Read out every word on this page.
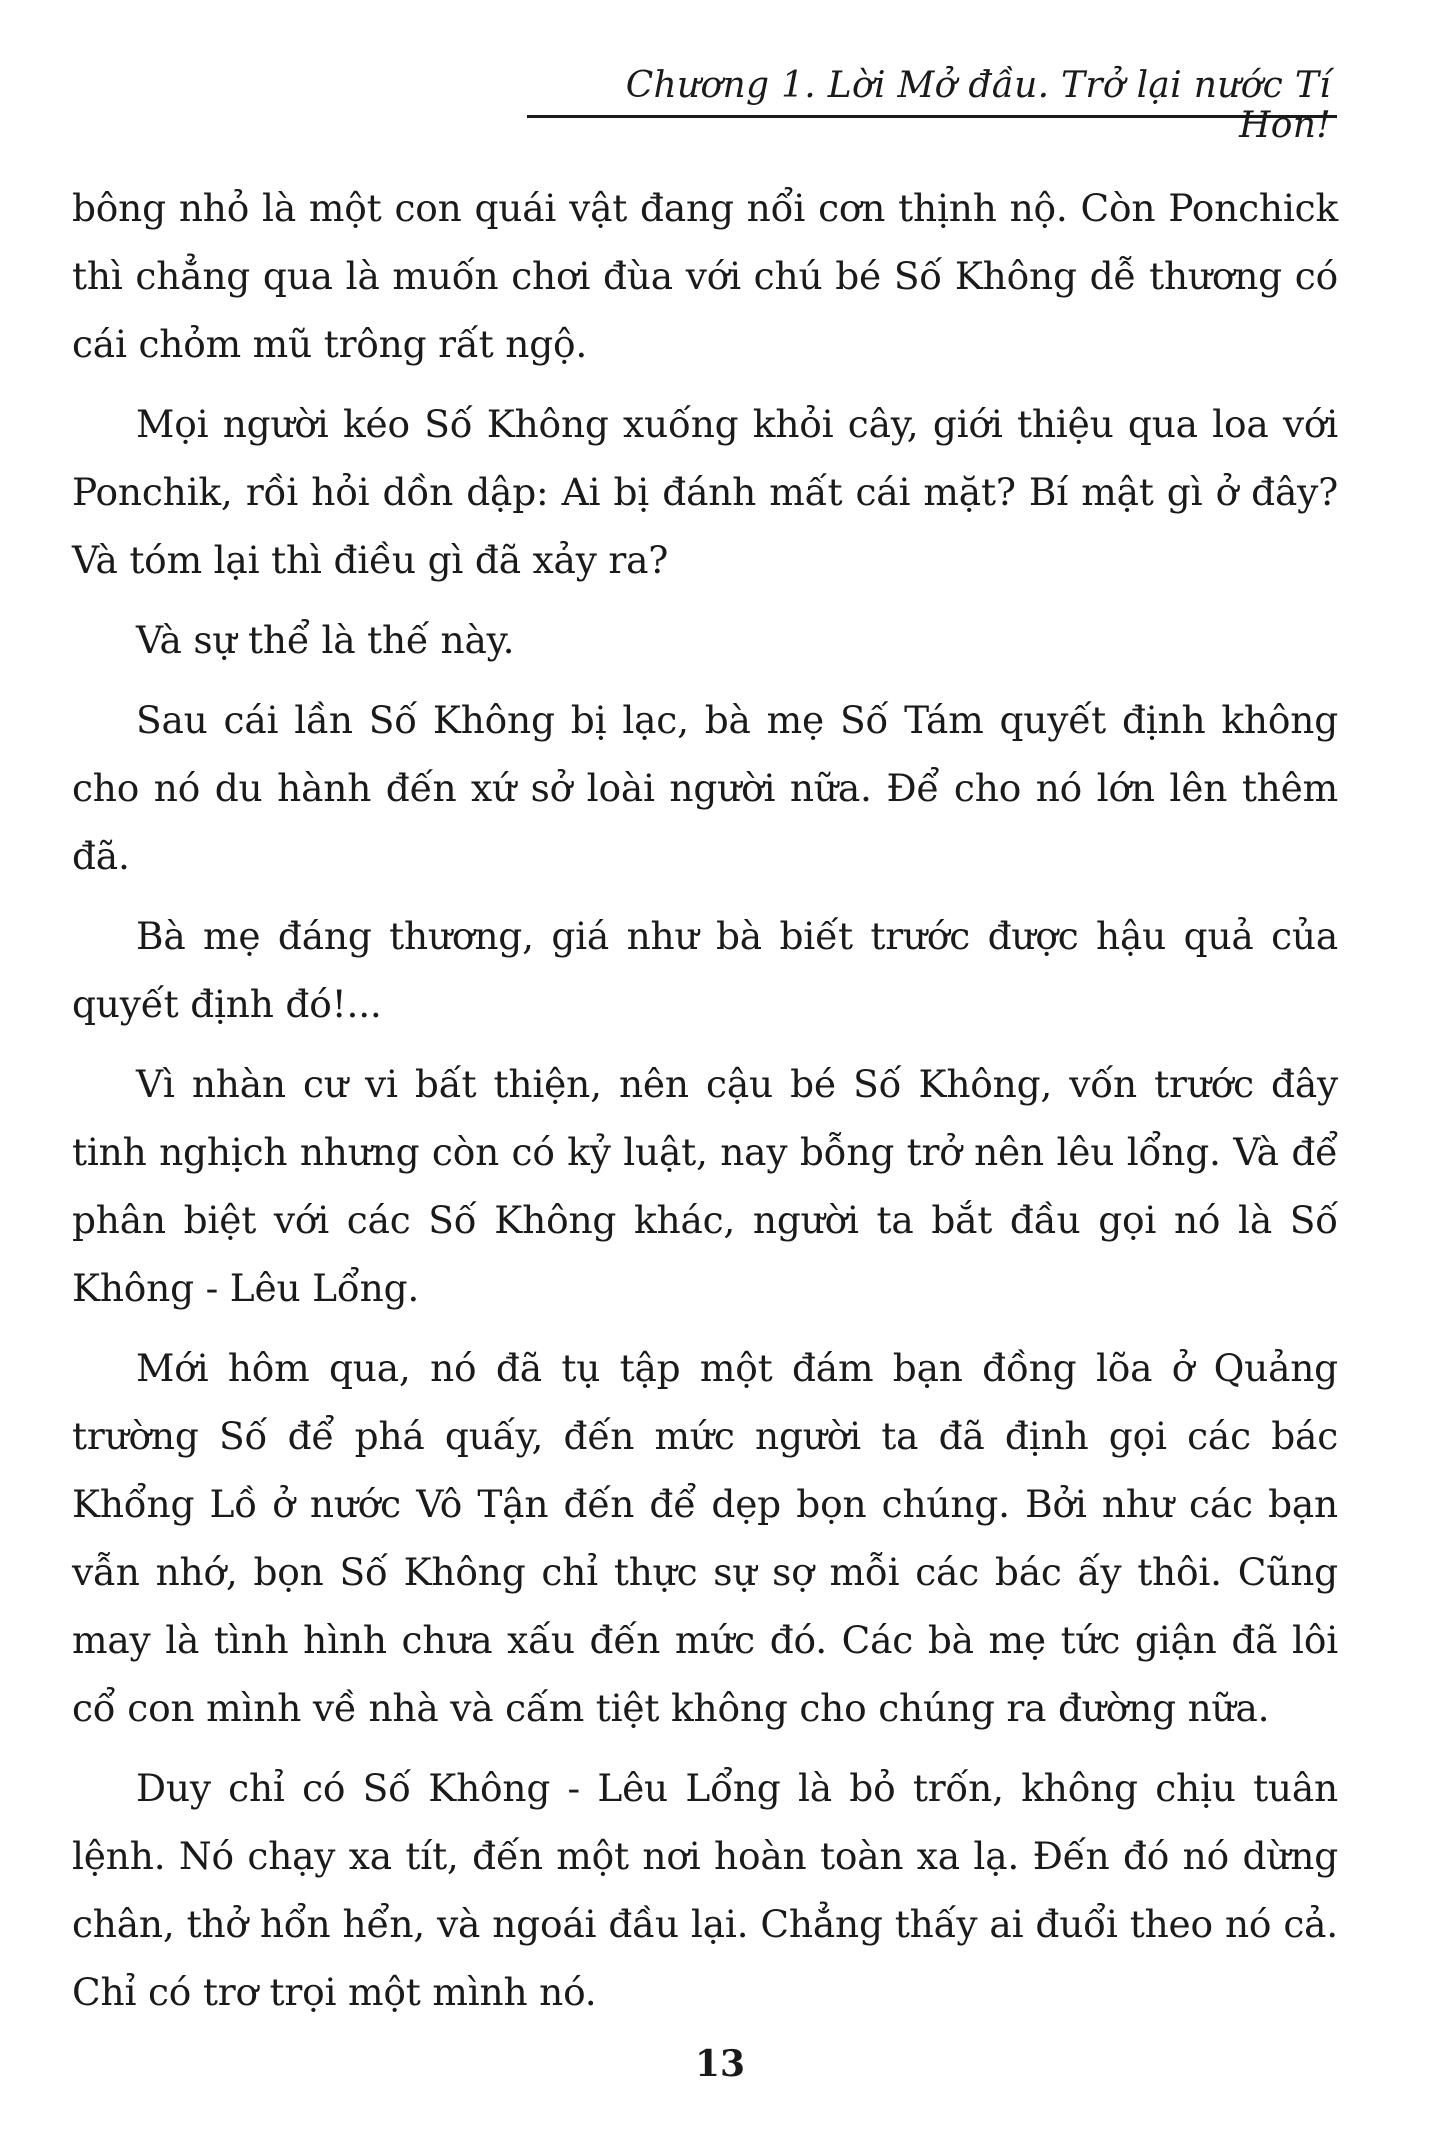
Chương 1. Lời Mở đầu. Trở lại nước Tí Hon!

bông nhỏ là một con quái vật đang nổi cơn thịnh nộ. Còn Ponchick thì chẳng qua là muốn chơi đùa với chú bé Số Không dễ thương có cái chỏm mũ trông rất ngộ.

Mọi người kéo Số Không xuống khỏi cây, giới thiệu qua loa với Ponchik, rồi hỏi dồn dập: Ai bị đánh mất cái mặt? Bí mật gì ở đây? Và tóm lại thì điều gì đã xảy ra?

Và sự thể là thế này.

Sau cái lần Số Không bị lạc, bà mẹ Số Tám quyết định không cho nó du hành đến xứ sở loài người nữa. Để cho nó lớn lên thêm đã.

Bà mẹ đáng thương, giá như bà biết trước được hậu quả của quyết định đó!...

Vì nhàn cư vi bất thiện, nên cậu bé Số Không, vốn trước đây tinh nghịch nhưng còn có kỷ luật, nay bỗng trở nên lêu lổng. Và để phân biệt với các Số Không khác, người ta bắt đầu gọi nó là Số Không - Lêu Lổng.

Mới hôm qua, nó đã tụ tập một đám bạn đồng lõa ở Quảng trường Số để phá quấy, đến mức người ta đã định gọi các bác Khổng Lồ ở nước Vô Tận đến để dẹp bọn chúng. Bởi như các bạn vẫn nhớ, bọn Số Không chỉ thực sự sợ mỗi các bác ấy thôi. Cũng may là tình hình chưa xấu đến mức đó. Các bà mẹ tức giận đã lôi cổ con mình về nhà và cấm tiệt không cho chúng ra đường nữa.

Duy chỉ có Số Không - Lêu Lổng là bỏ trốn, không chịu tuân lệnh. Nó chạy xa tít, đến một nơi hoàn toàn xa lạ. Đến đó nó dừng chân, thở hổn hển, và ngoái đầu lại. Chẳng thấy ai đuổi theo nó cả. Chỉ có trơ trọi một mình nó.

13
